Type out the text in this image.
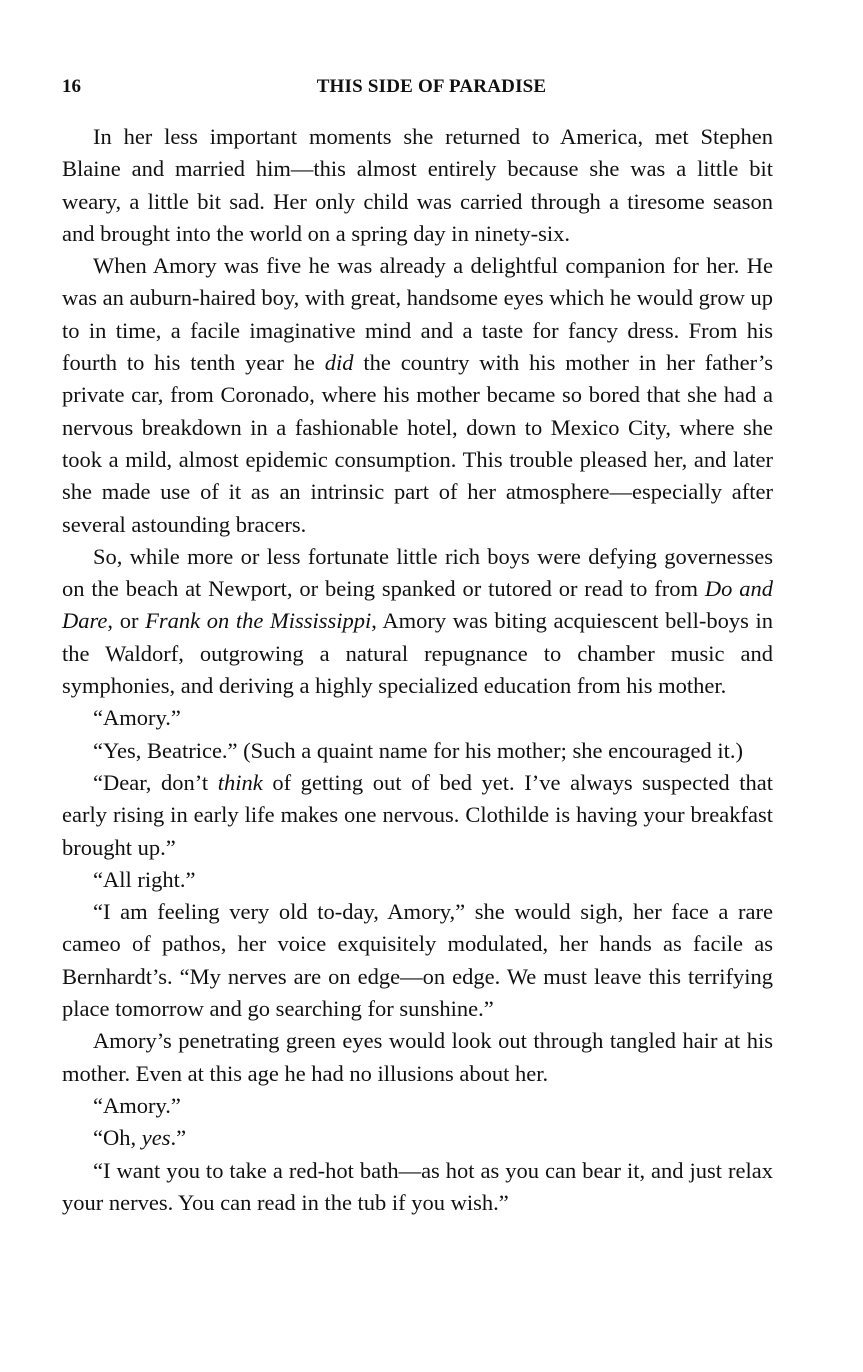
16	THIS SIDE OF PARADISE

In her less important moments she returned to America, met Stephen Blaine and married him—this almost entirely because she was a little bit weary, a little bit sad. Her only child was carried through a tiresome season and brought into the world on a spring day in ninety-six.

When Amory was five he was already a delightful companion for her. He was an auburn-haired boy, with great, handsome eyes which he would grow up to in time, a facile imaginative mind and a taste for fancy dress. From his fourth to his tenth year he did the country with his mother in her father’s private car, from Coronado, where his mother became so bored that she had a nervous breakdown in a fashionable hotel, down to Mexico City, where she took a mild, almost epidemic consumption. This trouble pleased her, and later she made use of it as an intrinsic part of her atmosphere—especially after several astounding bracers.

So, while more or less fortunate little rich boys were defying governesses on the beach at Newport, or being spanked or tutored or read to from Do and Dare, or Frank on the Mississippi, Amory was biting acquiescent bell-boys in the Waldorf, outgrowing a natural repugnance to chamber music and symphonies, and deriving a highly specialized education from his mother.

“Amory.”

“Yes, Beatrice.” (Such a quaint name for his mother; she encouraged it.)

“Dear, don’t think of getting out of bed yet. I’ve always suspected that early rising in early life makes one nervous. Clothilde is having your breakfast brought up.”

“All right.”

“I am feeling very old to-day, Amory,” she would sigh, her face a rare cameo of pathos, her voice exquisitely modulated, her hands as facile as Bernhardt’s. “My nerves are on edge—on edge. We must leave this terrifying place tomorrow and go searching for sunshine.”

Amory’s penetrating green eyes would look out through tangled hair at his mother. Even at this age he had no illusions about her.

“Amory.”

“Oh, yes.”

“I want you to take a red-hot bath—as hot as you can bear it, and just relax your nerves. You can read in the tub if you wish.”
